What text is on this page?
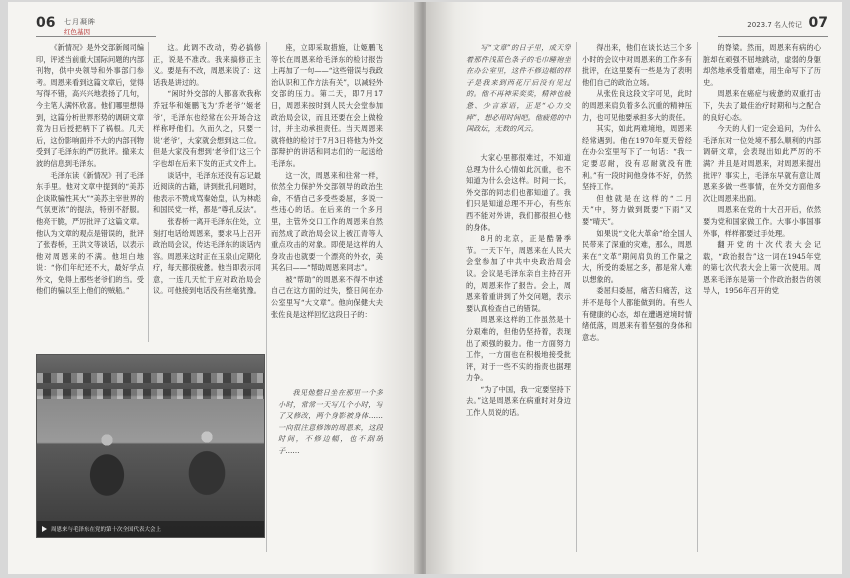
06 七月凝眸
红色基因

《新情况》是外交部新闻司编印，评述当前重大国际问题的内部刊物，供中央领导和外事部门参考。周恩来看到这篇文章后，觉得写得不错，高兴兴地表扬了几句，今主笔人满怀欣喜。他们哪里想得到，这篇分析世界形势的调研文章竟为日后授把柄下了祸根。几天后，这份影响面并不大的内部刊物受到了毛泽东的严厉批评。撤来太波的信息到毛泽东。

毛泽东读《新情况》刊了毛泽东手里。他对文章中提到的“美苏企谈欺骗性其大”“美苏主宰世界的气氛更浓”的提法，特别不舒服。他亮干脆，严厉批评了这篇文章。他认为文章的观点是错误的，批评了张春桥，王洪文等谈话，以表示他对周恩来的不满。他坦白地说：“你们年纪还不大，最好学点外文，免得上那些老爷们的当。受他们的骗以至上他们的贼船。”

这。此调不改动，势必搞修正，说是不准改。我来搞修正主义。要是有不改，周恩来说了：这话我是讲过的。

“闲时外交部的人都喜欢我称乔冠华和姬鹏飞为‘乔老爷’‘姬老爷’，毛泽东也经常在公开场合这样称呼他们。久而久之，只要一说‘老爷’，大家就会想到这二位。但是大家没有想到‘老爷们’这三个字也却在后来下发的正式文件上。

谈话中，毛泽东还没有忘记最近阅读的古籍，讲到批孔问题时，他表示不赞成骂秦始皇，认为林彪和国民党一样，都是“尊孔反法”。

张春桥一离开毛泽东住处，立刻打电话给周恩来，要求马上召开政治局会议，传达毛泽东的谈话内容。周恩来这时正在玉泉山定期化疗，每天都很疲惫。他当即表示同意，一连几天忙于应对政治局会议。可他接到电话没有丝毫犹豫。

座，立即采取措施，让姬鹏飞等长在周恩来给毛泽东的检讨报告上再加了一句——“这些错误与我政治认识和工作方法有关”，以减轻外交部的压力。第二天，即7月17日，周恩来按时到人民大会堂参加政治局会议，而且还要在会上做检讨，并主动承担责任。当天周恩来就将他的检讨于7月3日将他为外交部辩护的讲话和同志们的一起送给毛泽东。

这一次，周恩来和往常一样，依然全力保护外交部领导的政治生命，不惜自己多受些委屈，多说一些违心的话。在后来的一个多月里，主管外交口工作的周恩来自然而然成了政治局会议上被江青等人重点攻击的对象。即使是这样的人身攻击也就要一个漂亮的外衣，美其名曰——“帮助周恩来同志”。

被“帮助”的周恩来不得不申述自己在这方面的过失，整日间在办公室里写“大文章”。他向保健大夫张佐良是这样回忆这段日子的：

我见他整日坐在那里一个多小时，常常一天写几个小时，写了又修改，两个身影被身体……一向很注意修饰的周恩来，这段时间，不修边幅，也不刮胡子……

周恩来与毛泽东在党的第十次全国代表大会上
2023.7 名人传记 07

写“文章”的日子里，成天穿着那件浅蓝色条子的毛巾睡袍坐在办公室里，这件不修边幅的样子是我来到西花厅后没有见过的。他不再神采奕奕，精神也疲惫、少言寡语，正是“心力交瘁”，想必用时间吧。他疲倦的中国政坛，无数的风云。

大家心里都很难过，不知道总理为什么心情如此沉重，也不知道为什么会这样。时间一长，外交部的同志们也都知道了。我们只是知道总理不开心，有些东西不能对外讲，我们都很担心他的身体。

8月的北京，正是酷暑季节。一天下午，周恩来在人民大会堂参加了中共中央政治局会议。会议是毛泽东亲自主持召开的，周恩来作了报告。会上，周恩来着重讲到了外交问题，表示要认真检查自己的错误。

周恩来这样的工作虽然是十分艰难的，但他仍坚持着，表现出了顽强的毅力。他一方面努力工作，一方面也在积极地接受批评，对于一些不实的指责也据理力争。

“为了中国，我一定要坚持下去。”这是周恩来在病重时对身边工作人员说的话。

得出来，他们在谈长达三个多小时的会议中对周恩来的工作多有批评，在这里要有一些是为了表明他们自己的政治立场。

从张佐良这段文字可见，此时的周恩来肩负着多么沉重的精神压力，也可见他要承担多大的责任。

其实，如此两难境地，周恩来经常遇到。他在1970年夏天曾经在办公室里写下了一句话：“我一定要忍耐，没有忍耐就没有胜利。”有一段时间他身体不好，仍然坚持工作。

但他就是在这样的“二月天”中，努力做到既要“下雨”又要“晴天”。

如果说“文化大革命”给全国人民带来了深重的灾难，那么，周恩来在“文革”期间肩负的工作量之大，所受的委屈之多，都是常人难以想象的。

委屈归委屈，痛苦归痛苦，这并不是每个人都能做到的。有些人有健康的心态，却在遭遇逆境时情绪低落，周恩来有着坚强的身体和意志。

的脊梁。然而，周恩来有病的心脏却在顽强不屈地跳动，虚弱的身躯却然地承受着磨难，用生命写下了历史。

周恩来在癌症与疲惫的双重打击下，失去了最佳治疗时期和与之配合的良好心态。

今天的人们一定会追问，为什么毛泽东对一位处境不那么顺利的内部调研文章，会表现出如此严厉的不满？并且是对周恩来，对周恩来提出批评？事实上，毛泽东早就有意让周恩来多做一些事情，在外交方面他多次让周恩来出面。

周恩来在党的十大召开后，依然要为党和国家做工作。大事小事国事外事，样样都要过手处理。

翻开党的十次代表大会记载，“政治报告”这一词在1945年党的第七次代表大会上第一次使用。周恩来毛泽东是第一个作政治报告的领导人，1956年召开的党
